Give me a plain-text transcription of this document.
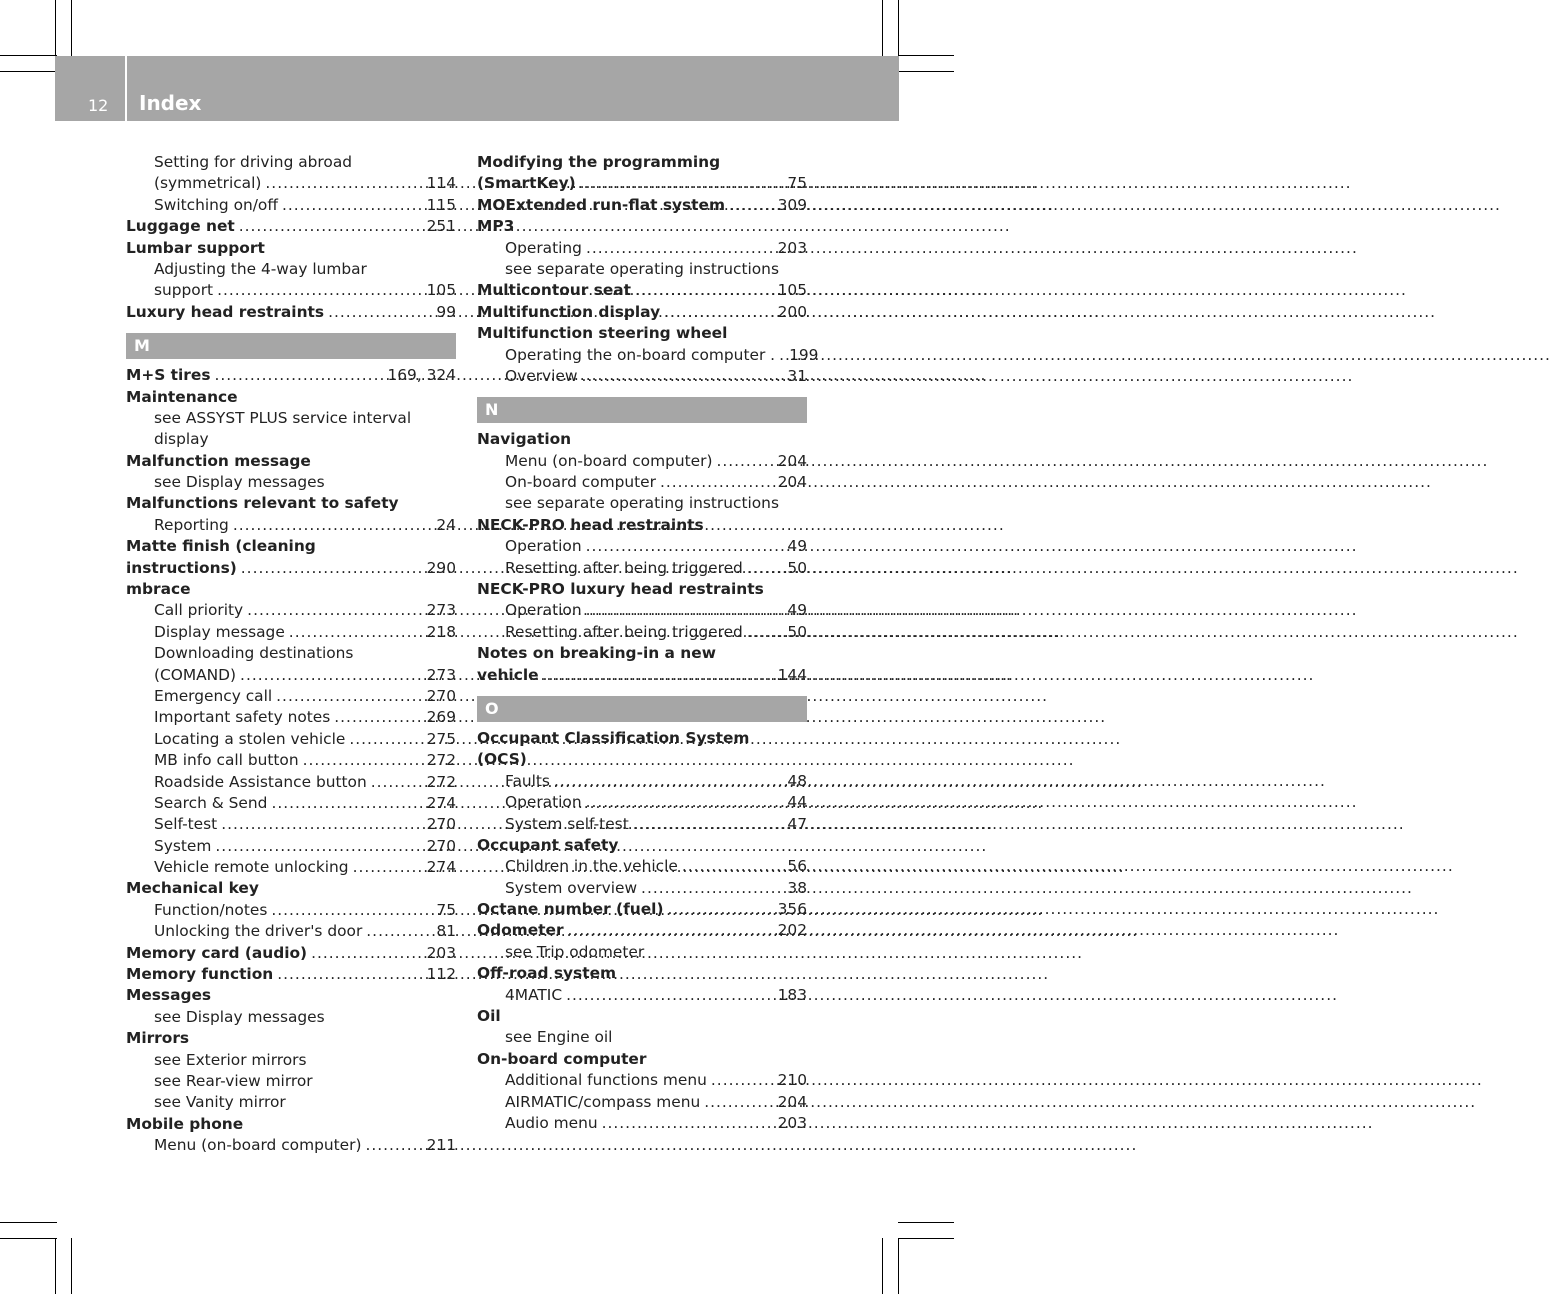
12 Index
Setting for driving abroad
(symmetrical) .....	114
Switching on/off .....	115
Luggage net .....	251
Lumbar support
Adjusting the 4-way lumbar
support .....	105
Luxury head restraints .....	99
M
M+S tires .....	169, 324
Maintenance
see ASSYST PLUS service interval
display
Malfunction message
see Display messages
Malfunctions relevant to safety
Reporting .....	24
Matte finish (cleaning
instructions) .....	290
mbrace
Call priority .....	273
Display message .....	218
Downloading destinations
(COMAND) .....	273
Emergency call .....	270
Important safety notes .....	269
Locating a stolen vehicle .....	275
MB info call button .....	272
Roadside Assistance button .....	272
Search & Send .....	274
Self-test .....	270
System .....	270
Vehicle remote unlocking .....	274
Mechanical key
Function/notes .....	75
Unlocking the driver's door .....	81
Memory card (audio) .....	203
Memory function .....	112
Messages
see Display messages
Mirrors
see Exterior mirrors
see Rear-view mirror
see Vanity mirror
Mobile phone
Menu (on-board computer) .....	211
Modifying the programming
(SmartKey) .....	75
MOExtended run-flat system .....	309
MP3
Operating .....	203
see separate operating instructions
Multicontour seat .....	105
Multifunction display .....	200
Multifunction steering wheel
Operating the on-board computer . ..... 199
Overview .....	31
N
Navigation
Menu (on-board computer) .....	204
On-board computer .....	204
see separate operating instructions
NECK-PRO head restraints
Operation .....	49
Resetting after being triggered .....	50
NECK-PRO luxury head restraints
Operation .....	49
Resetting after being triggered .....	50
Notes on breaking-in a new
vehicle .....	144
O
Occupant Classification System
(OCS)
Faults .....	48
Operation .....	44
System self-test .....	47
Occupant safety
Children in the vehicle .....	56
System overview .....	38
Octane number (fuel) .....	356
Odometer .....	202
see Trip odometer
Off-road system
4MATIC .....	183
Oil
see Engine oil
On-board computer
Additional functions menu .....	210
AIRMATIC/compass menu .....	204
Audio menu .....	203
